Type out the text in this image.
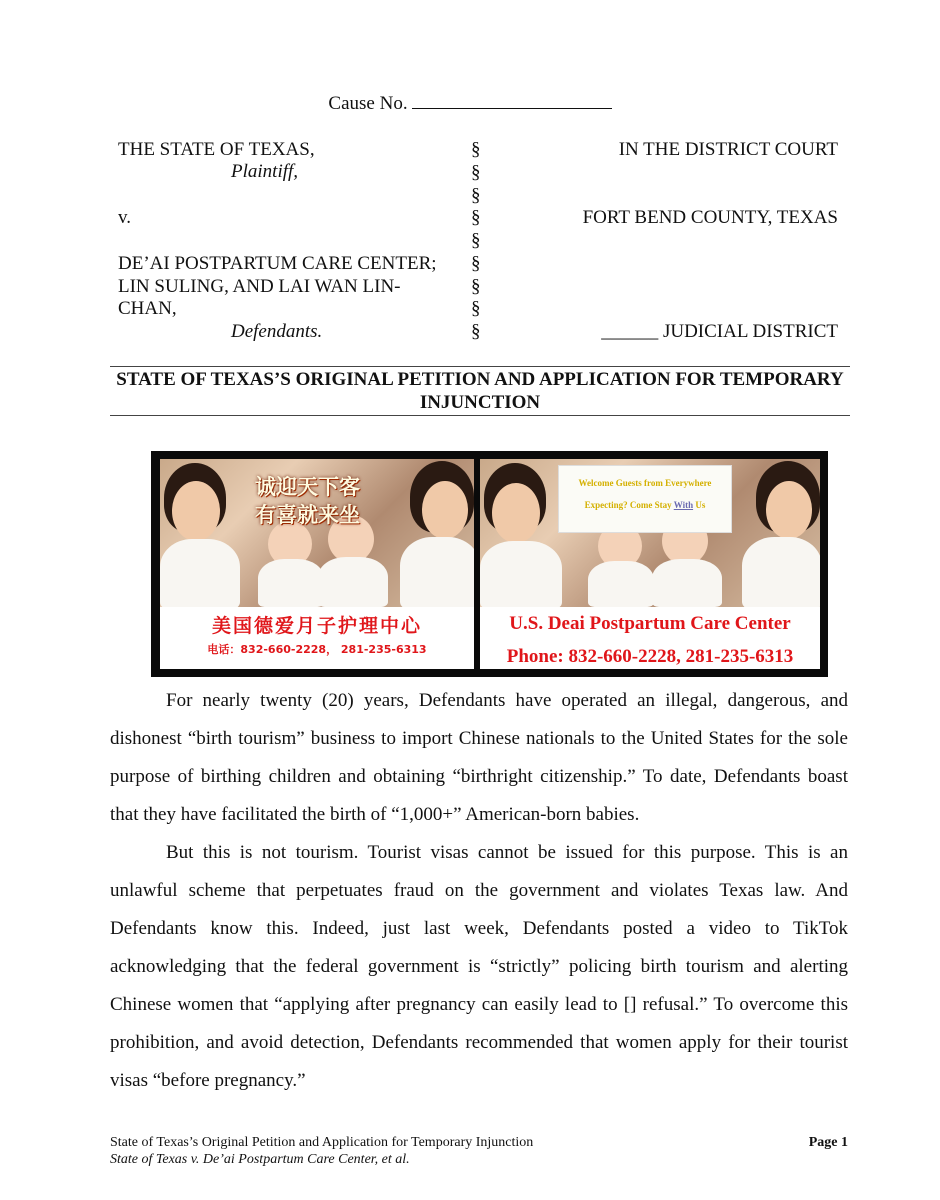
Cause No.
THE STATE OF TEXAS,
Plaintiff,
v.
DE’AI POSTPARTUM CARE CENTER;
LIN SULING, AND LAI WAN LIN-
CHAN,
Defendants.
§
§
§
§
§
§
§
§
§
IN THE DISTRICT COURT
FORT BEND COUNTY, TEXAS
______ JUDICIAL DISTRICT
STATE OF TEXAS’S ORIGINAL PETITION AND APPLICATION FOR TEMPORARY
INJUNCTION
诚迎天下客
有喜就来坐
美国德爱月子护理中心
电话：832-660-2228， 281-235-6313
Welcome Guests from Everywhere
Expecting? Come Stay With Us
U.S. Deai Postpartum Care Center
Phone: 832-660-2228, 281-235-6313
For nearly twenty (20) years, Defendants have operated an illegal, dangerous, and dishonest “birth tourism” business to import Chinese nationals to the United States for the sole purpose of birthing children and obtaining “birthright citizenship.” To date, Defendants boast that they have facilitated the birth of “1,000+” American-born babies.
But this is not tourism. Tourist visas cannot be issued for this purpose. This is an unlawful scheme that perpetuates fraud on the government and violates Texas law. And Defendants know this. Indeed, just last week, Defendants posted a video to TikTok acknowledging that the federal government is “strictly” policing birth tourism and alerting Chinese women that “applying after pregnancy can easily lead to [] refusal.” To overcome this prohibition, and avoid detection, Defendants recommended that women apply for their tourist visas “before pregnancy.”
State of Texas’s Original Petition and Application for Temporary Injunction
State of Texas v. De’ai Postpartum Care Center, et al.
Page 1
